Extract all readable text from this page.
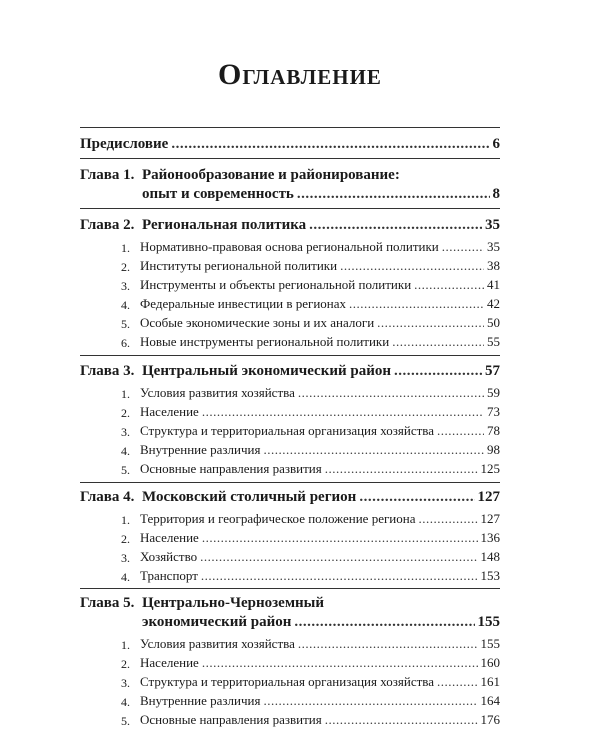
Оглавление
Предисловие .....	6
Глава 1. Районообразование и районирование:
опыт и современность .....	8
Глава 2. Региональная политика .....	35
1. Нормативно-правовая основа региональной политики .....	35
2. Институты региональной политики .....	38
3. Инструменты и объекты региональной политики .....	41
4. Федеральные инвестиции в регионах .....	42
5. Особые экономические зоны и их аналоги .....	50
6. Новые инструменты региональной политики .....	55
Глава 3. Центральный экономический район .....	57
1. Условия развития хозяйства .....	59
2. Население .....	73
3. Структура и территориальная организация хозяйства .....	78
4. Внутренние различия .....	98
5. Основные направления развития .....	125
Глава 4. Московский столичный регион .....	127
1. Территория и географическое положение региона .....	127
2. Население .....	136
3. Хозяйство .....	148
4. Транспорт .....	153
Глава 5. Центрально-Черноземный
экономический район .....	155
1. Условия развития хозяйства .....	155
2. Население .....	160
3. Структура и территориальная организация хозяйства .....	161
4. Внутренние различия .....	164
5. Основные направления развития .....	176
